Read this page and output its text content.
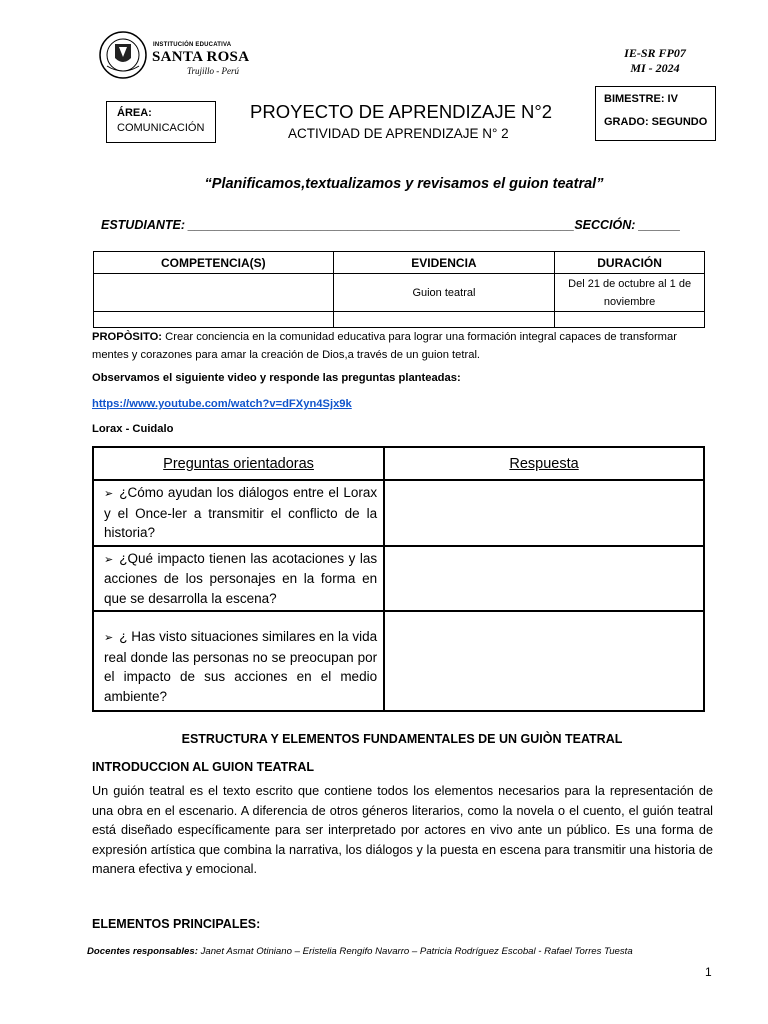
INSTITUCIÓN EDUCATIVA
SANTA ROSA
Trujillo - Perú
IE-SR FP07
MI - 2024
ÁREA:
COMUNICACIÓN
PROYECTO DE APRENDIZAJE N°2
ACTIVIDAD DE APRENDIZAJE N° 2
BIMESTRE: IV
GRADO: SEGUNDO
“Planificamos,textualizamos y revisamos el guion teatral”
ESTUDIANTE: __________________________________________________________SECCIÓN: ______
COMPETENCIA(S)	EVIDENCIA	DURACIÓN
	Guion teatral	Del 21 de octubre al 1 de noviembre

PROPÒSITO: Crear conciencia en la comunidad educativa para lograr una formación integral capaces de transformar mentes y corazones para amar la creación de Dios,a través de un guion tetral.

Observamos el siguiente video y responde las preguntas planteadas:

https://www.youtube.com/watch?v=dFXyn4Sjx9k

Lorax - Cuidalo

Preguntas orientadoras	Respuesta
➢ ¿Cómo ayudan los diálogos entre el Lorax y el Once-ler a transmitir el conflicto de la historia?	
➢ ¿Qué impacto tienen las acotaciones y las acciones de los personajes en la forma en que se desarrolla la escena?	
➢ ¿ Has visto situaciones similares en la vida real donde las personas no se preocupan por el impacto de sus acciones en el medio ambiente?	

ESTRUCTURA Y ELEMENTOS FUNDAMENTALES DE UN GUIÒN TEATRAL

INTRODUCCION AL GUION TEATRAL

Un guión teatral es el texto escrito que contiene todos los elementos necesarios para la representación de una obra en el escenario. A diferencia de otros géneros literarios, como la novela o el cuento, el guión teatral está diseñado específicamente para ser interpretado por actores en vivo ante un público. Es una forma de expresión artística que combina la narrativa, los diálogos y la puesta en escena para transmitir una historia de manera efectiva y emocional.

ELEMENTOS PRINCIPALES:

Docentes responsables: Janet Asmat Otiniano – Eristelia Rengifo Navarro – Patricia Rodríguez Escobal - Rafael Torres Tuesta

1
